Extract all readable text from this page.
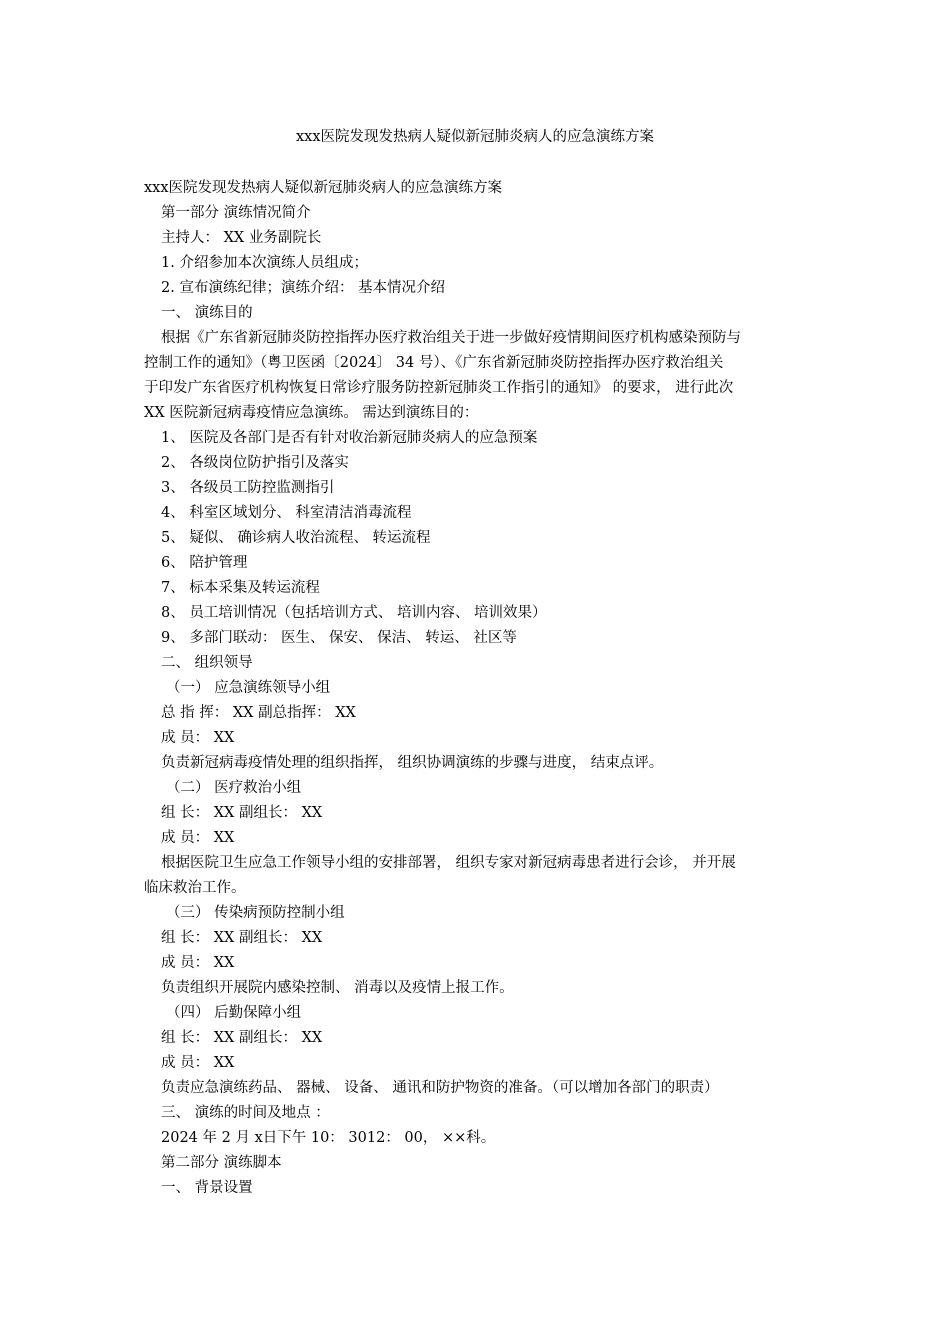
xxx医院发现发热病人疑似新冠肺炎病人的应急演练方案
xxx医院发现发热病人疑似新冠肺炎病人的应急演练方案
第一部分 演练情况简介
主持人： XX 业务副院长
1. 介绍参加本次演练人员组成；
2. 宣布演练纪律；演练介绍： 基本情况介绍
一、 演练目的
根据《广东省新冠肺炎防控指挥办医疗救治组关于进一步做好疫情期间医疗机构感染预防与
控制工作的通知》（粤卫医函〔2024〕 34 号）、《广东省新冠肺炎防控指挥办医疗救治组关
于印发广东省医疗机构恢复日常诊疗服务防控新冠肺炎工作指引的通知》 的要求， 进行此次
XX 医院新冠病毒疫情应急演练。 需达到演练目的：
1、 医院及各部门是否有针对收治新冠肺炎病人的应急预案
2、 各级岗位防护指引及落实
3、 各级员工防控监测指引
4、 科室区域划分、 科室清洁消毒流程
5、 疑似、 确诊病人收治流程、 转运流程
6、 陪护管理
7、 标本采集及转运流程
8、 员工培训情况（包括培训方式、 培训内容、 培训效果）
9、 多部门联动： 医生、 保安、 保洁、 转运、 社区等
二、 组织领导
（一） 应急演练领导小组
总 指 挥： XX 副总指挥： XX
成 员： XX
负责新冠病毒疫情处理的组织指挥， 组织协调演练的步骤与进度， 结束点评。
（二） 医疗救治小组
组 长： XX 副组长： XX
成 员： XX
根据医院卫生应急工作领导小组的安排部署， 组织专家对新冠病毒患者进行会诊， 并开展
临床救治工作。
（三） 传染病预防控制小组
组 长： XX 副组长： XX
成 员： XX
负责组织开展院内感染控制、 消毒以及疫情上报工作。
（四） 后勤保障小组
组 长： XX 副组长： XX
成 员： XX
负责应急演练药品、 器械、 设备、 通讯和防护物资的准备。（可以增加各部门的职责）
三、 演练的时间及地点 ：
2024 年 2 月 x日下午 10： 3012： 00， ××科。
第二部分 演练脚本
一、 背景设置
